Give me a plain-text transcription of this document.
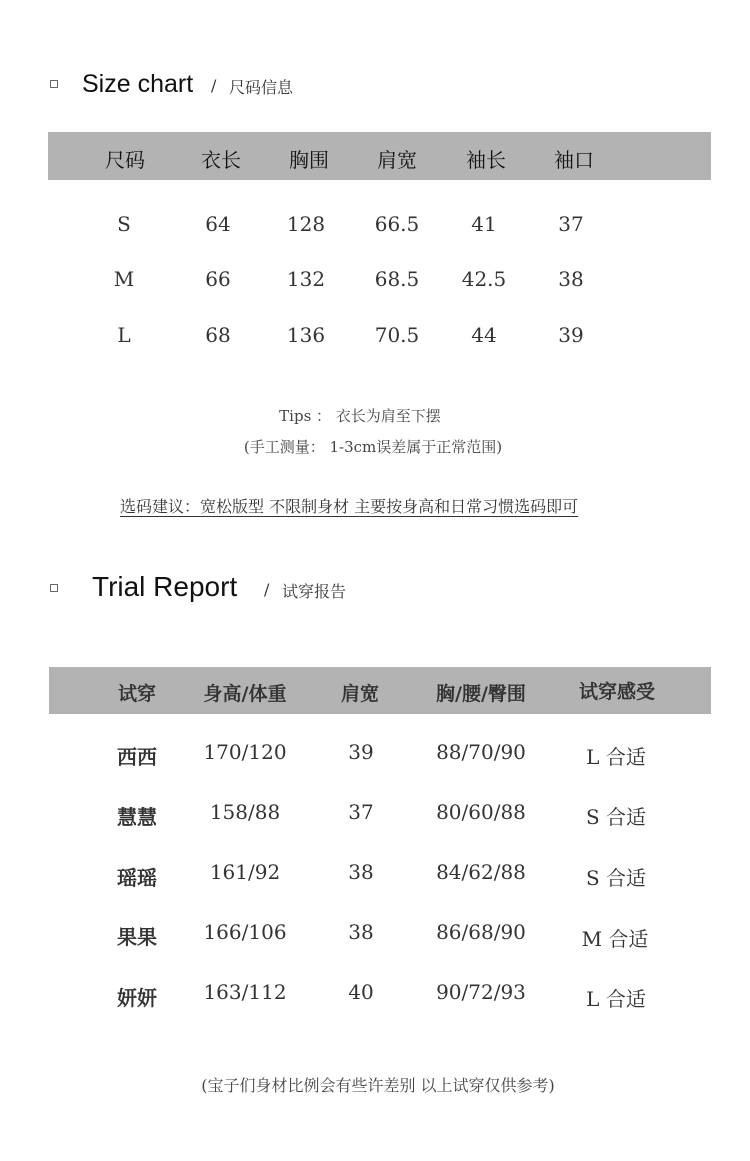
Size chart / 尺码信息
尺码	衣长 胸围 肩宽 袖长 袖口
S	64	128 66.5	41	37
M	66	132 68.5 42.5	38
L	68	136 70.5	44	39
Tips ： 衣长为肩至下摆
(手工测量： 1-3cm误差属于正常范围)
选码建议：宽松版型 不限制身材 主要按身高和日常习惯选码即可
Trial Report / 试穿报告
试穿	身高/体重	肩宽	胸/腰/臀围	试穿感受
西西 170/120	39	88/70/90	L 合适
慧慧	158/88	37	80/60/88	S 合适
瑶瑶	161/92	38	84/62/88	S 合适
果果 166/106	38	86/68/90	M 合适
妍妍 163/112	40	90/72/93	L 合适
(宝子们身材比例会有些许差别 以上试穿仅供参考)
